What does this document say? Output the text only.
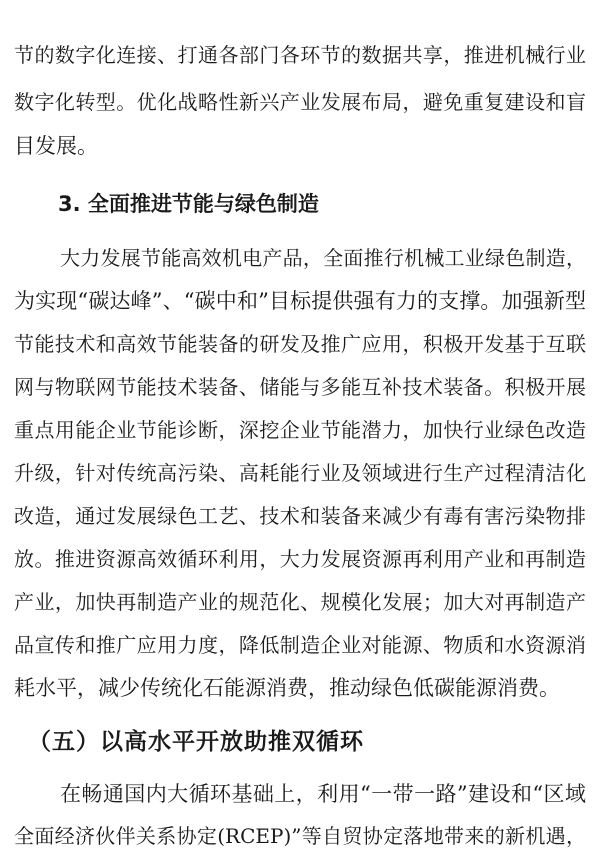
节的数字化连接、打通各部门各环节的数据共享，推进机械行业
数字化转型。优化战略性新兴产业发展布局，避免重复建设和盲
目发展。
3. 全面推进节能与绿色制造
大力发展节能高效机电产品，全面推行机械工业绿色制造，
为实现“碳达峰”、“碳中和”目标提供强有力的支撑。加强新型
节能技术和高效节能装备的研发及推广应用，积极开发基于互联
网与物联网节能技术装备、储能与多能互补技术装备。积极开展
重点用能企业节能诊断，深挖企业节能潜力，加快行业绿色改造
升级，针对传统高污染、高耗能行业及领域进行生产过程清洁化
改造，通过发展绿色工艺、技术和装备来减少有毒有害污染物排
放。推进资源高效循环利用，大力发展资源再利用产业和再制造
产业，加快再制造产业的规范化、规模化发展；加大对再制造产
品宣传和推广应用力度，降低制造企业对能源、物质和水资源消
耗水平，减少传统化石能源消费，推动绿色低碳能源消费。
（五）以高水平开放助推双循环
在畅通国内大循环基础上，利用“一带一路”建设和“区域
全面经济伙伴关系协定(RCEP)”等自贸协定落地带来的新机遇，
